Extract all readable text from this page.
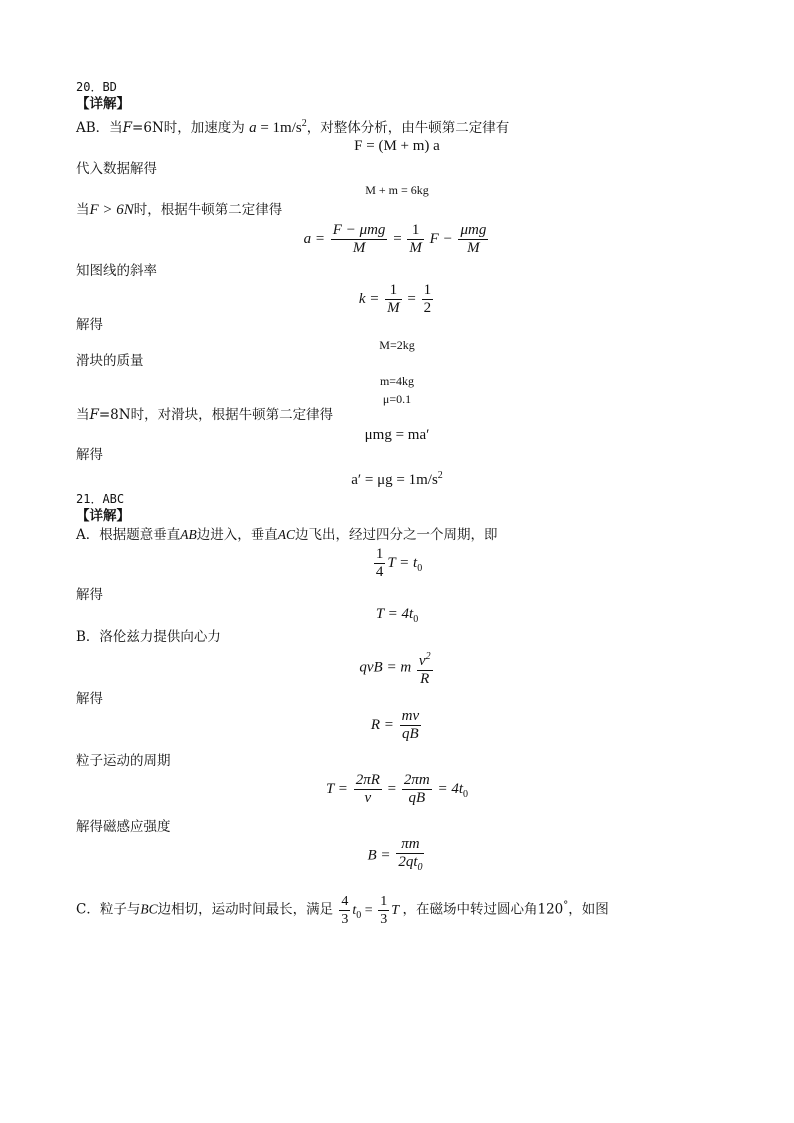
20．BD
【详解】
AB．当F=6N时，加速度为 $a = 1m/s^2$，对整体分析，由牛顿第二定律有
F = (M + m) a
代入数据解得
M + m = 6kg
当F > 6N时，根据牛顿第二定律得
$a = \frac{\text{F − μmg}}{M} = \frac{1}{M}$ $F - \frac{\text{μmg}}{M}$
知图线的斜率
$k = \frac{1}{M} = \frac{1}{2}$
解得
M=2kg
滑块的质量
m=4kg
μ=0.1
当F=8N时，对滑块，根据牛顿第二定律得
μmg = ma′
解得
$a' = \mu g = 1m/s^2$
21．ABC
【详解】
A．根据题意垂直AB边进入，垂直AC边飞出，经过四分之一个周期，即
$\frac{1}{4}$ $T = t_0$
解得
$T = 4t_0$
B．洛伦兹力提供向心力
qvB = m $\frac{v^2}{R}$
解得
$R = \frac{mv}{qB}$
粒子运动的周期
$T = \frac{2\pi R}{v} = \frac{2\pi m}{qB} = 4t_0$
解得磁感应强度
$B = \frac{\pi m}{2qt_0}$
C．粒子与BC边相切，运动时间最长，满足 $\frac{4}{3} t_0 = \frac{1}{3}$ T ，在磁场中转过圆心角120°，如图
